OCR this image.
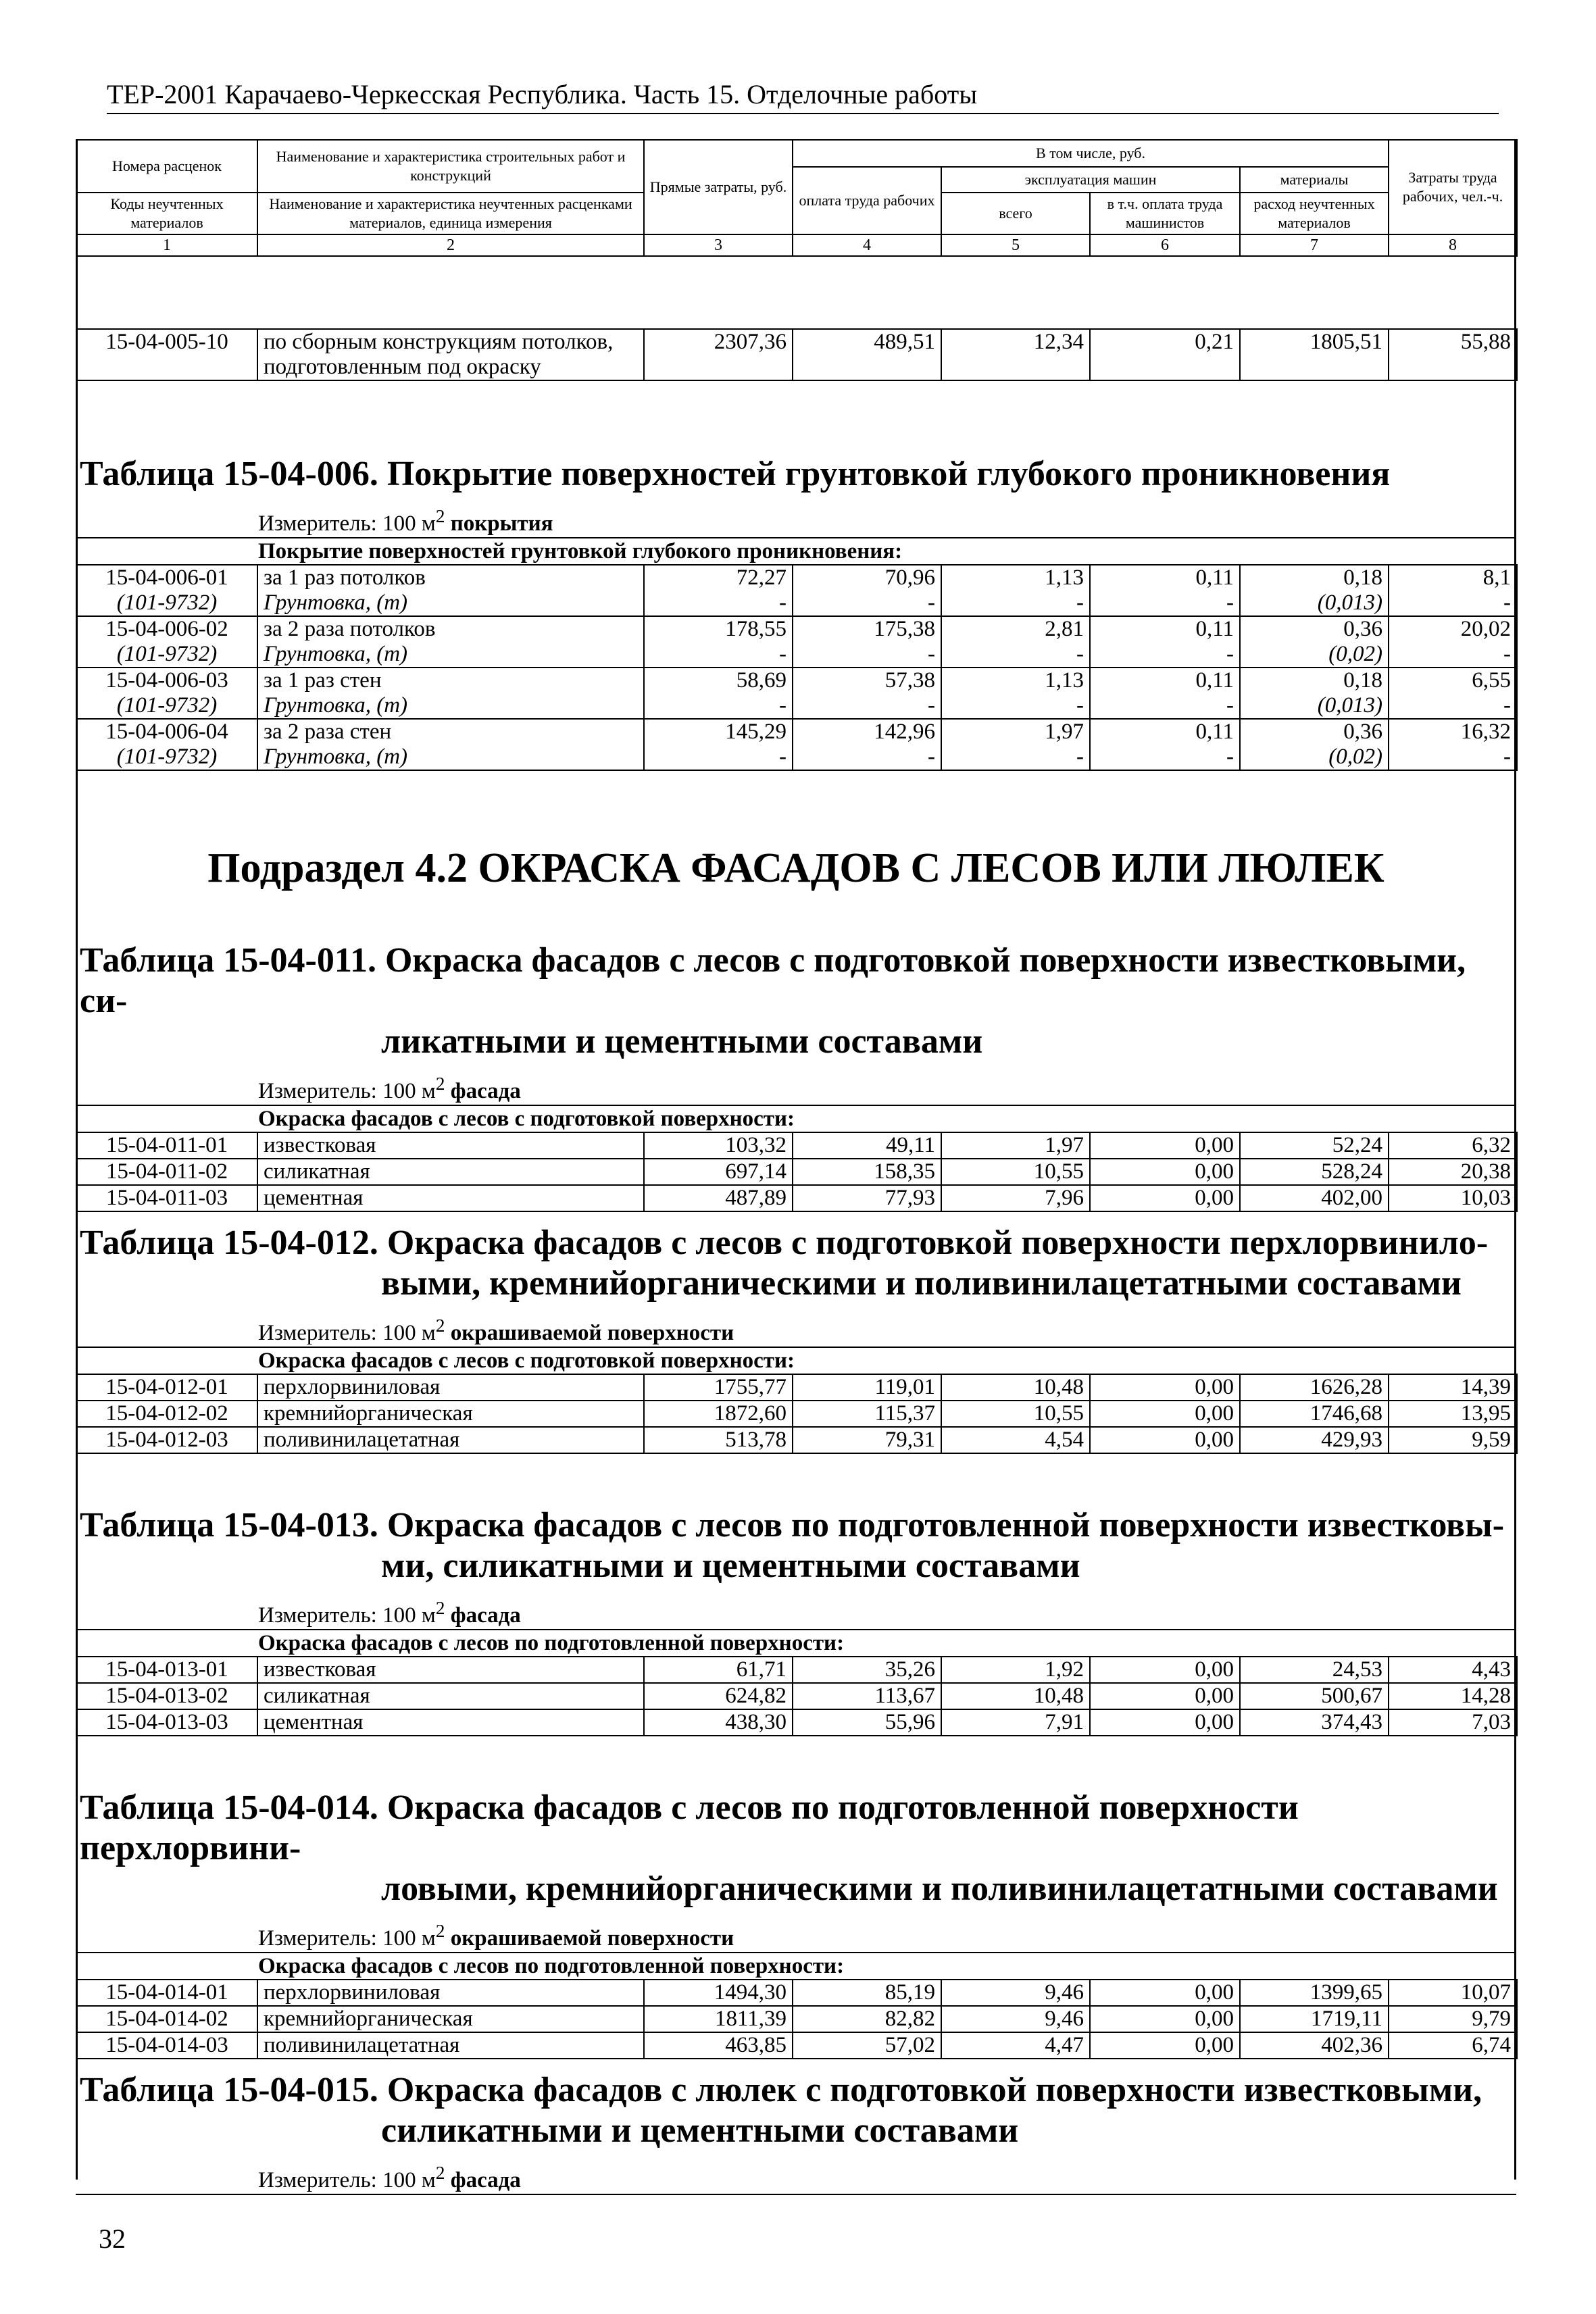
ТЕР-2001 Карачаево-Черкесская Республика. Часть 15. Отделочные работы
Номера расценок	Наименование и характеристика строительных работ и конструкций	Прямые затраты, руб.	В том числе, руб.				Затраты труда рабочих, чел.-ч.
			оплата труда рабочих	эксплуатация машин		материалы	
Коды неучтенных материалов	Наименование и характеристика неучтенных расценками материалов, единица измерения			всего	в т.ч. оплата труда машинистов	расход неучтенных материалов	

1	2	3	4	5	6	7	8
15-04-005-10	по сборным конструкциям потолков, подготовленным под окраску	2307,36	489,51	12,34	0,21	1805,51	55,88

Таблица 15-04-006. Покрытие поверхностей грунтовкой глубокого проникновения

Измеритель: 100 $м^2$ покрытия

Покрытие поверхностей грунтовкой глубокого проникновения:
15-04-006-01	за 1 раз потолков	72,27	70,96	1,13	0,11	0,18	8,1
(101-9732)	Грунтовка, (т)	-	-	-	-	(0,013)	-
15-04-006-02	за 2 раза потолков	178,55	175,38	2,81	0,11	0,36	20,02
(101-9732)	Грунтовка, (т)	-	-	-	-	(0,02)	-
15-04-006-03	за 1 раз стен	58,69	57,38	1,13	0,11	0,18	6,55
(101-9732)	Грунтовка, (т)	-	-	-	-	(0,013)	-
15-04-006-04	за 2 раза стен	145,29	142,96	1,97	0,11	0,36	16,32
(101-9732)	Грунтовка, (т)	-	-	-	-	(0,02)	-

Подраздел 4.2 ОКРАСКА ФАСАДОВ С ЛЕСОВ ИЛИ ЛЮЛЕК

Таблица 15-04-011. Окраска фасадов с лесов с подготовкой поверхности известковыми, си-
ликатными и цементными составами

Измеритель: 100 $м^2$ фасада

Окраска фасадов с лесов с подготовкой поверхности:
15-04-011-01	известковая	103,32	49,11	1,97	0,00	52,24	6,32
15-04-011-02	силикатная	697,14	158,35	10,55	0,00	528,24	20,38
15-04-011-03	цементная	487,89	77,93	7,96	0,00	402,00	10,03

Таблица 15-04-012. Окраска фасадов с лесов с подготовкой поверхности перхлорвинило-
выми, кремнийорганическими и поливинилацетатными составами

Измеритель: 100 $м^2$ окрашиваемой поверхности

Окраска фасадов с лесов с подготовкой поверхности:
15-04-012-01	перхлорвиниловая	1755,77	119,01	10,48	0,00	1626,28	14,39
15-04-012-02	кремнийорганическая	1872,60	115,37	10,55	0,00	1746,68	13,95
15-04-012-03	поливинилацетатная	513,78	79,31	4,54	0,00	429,93	9,59

Таблица 15-04-013. Окраска фасадов с лесов по подготовленной поверхности известковы-
ми, силикатными и цементными составами

Измеритель: 100 $м^2$ фасада

Окраска фасадов с лесов по подготовленной поверхности:
15-04-013-01	известковая	61,71	35,26	1,92	0,00	24,53	4,43
15-04-013-02	силикатная	624,82	113,67	10,48	0,00	500,67	14,28
15-04-013-03	цементная	438,30	55,96	7,91	0,00	374,43	7,03

Таблица 15-04-014. Окраска фасадов с лесов по подготовленной поверхности перхлорвини-
ловыми, кремнийорганическими и поливинилацетатными составами

Измеритель: 100 $м^2$ окрашиваемой поверхности

Окраска фасадов с лесов по подготовленной поверхности:
15-04-014-01	перхлорвиниловая	1494,30	85,19	9,46	0,00	1399,65	10,07
15-04-014-02	кремнийорганическая	1811,39	82,82	9,46	0,00	1719,11	9,79
15-04-014-03	поливинилацетатная	463,85	57,02	4,47	0,00	402,36	6,74

Таблица 15-04-015. Окраска фасадов с люлек с подготовкой поверхности известковыми,
силикатными и цементными составами

Измеритель: 100 $м^2$ фасада

32
